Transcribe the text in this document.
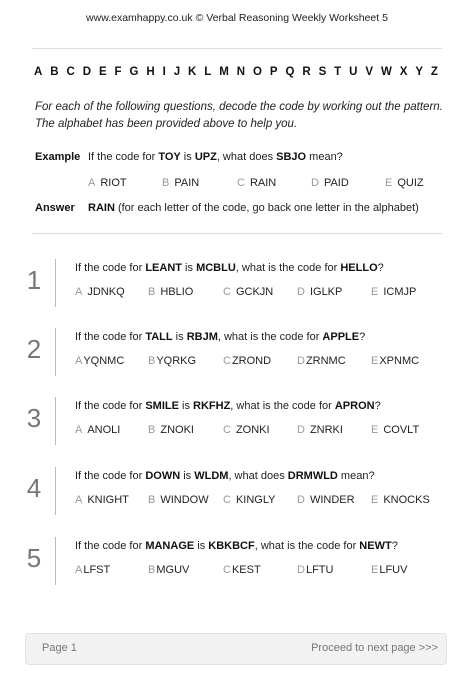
www.examhappy.co.uk © Verbal Reasoning Weekly Worksheet 5
A B C D E F G H I J K L M N O P Q R S T U V W X Y Z
For each of the following questions, decode the code by working out the pattern.
The alphabet has been provided above to help you.
Example If the code for TOY is UPZ, what does SBJO mean?
A RIOT	B PAIN	C RAIN	D PAID	E QUIZ
Answer RAIN (for each letter of the code, go back one letter in the alphabet)
1	If the code for LEANT is MCBLU, what is the code for HELLO?
A JDNKQ B HBLIO	C GCKJN D IGLKP	E ICMJP
2	If the code for TALL is RBJM, what is the code for APPLE?
AYQNMC BYQRKG CZROND DZRNMC EXPNMC
3	If the code for SMILE is RKFHZ, what is the code for APRON?
A ANOLI	B ZNOKI	C ZONKI D ZNRKI	E COVLT
4	If the code for DOWN is WLDM, what does DRMWLD mean?
A KNIGHT B WINDOW C KINGLY D WINDER E KNOCKS
5	If the code for MANAGE is KBKBCF, what is the code for NEWT?
ALFST	BMGUV	CKEST	DLFTU	ELFUV
Page 1	Proceed to next page >>>
